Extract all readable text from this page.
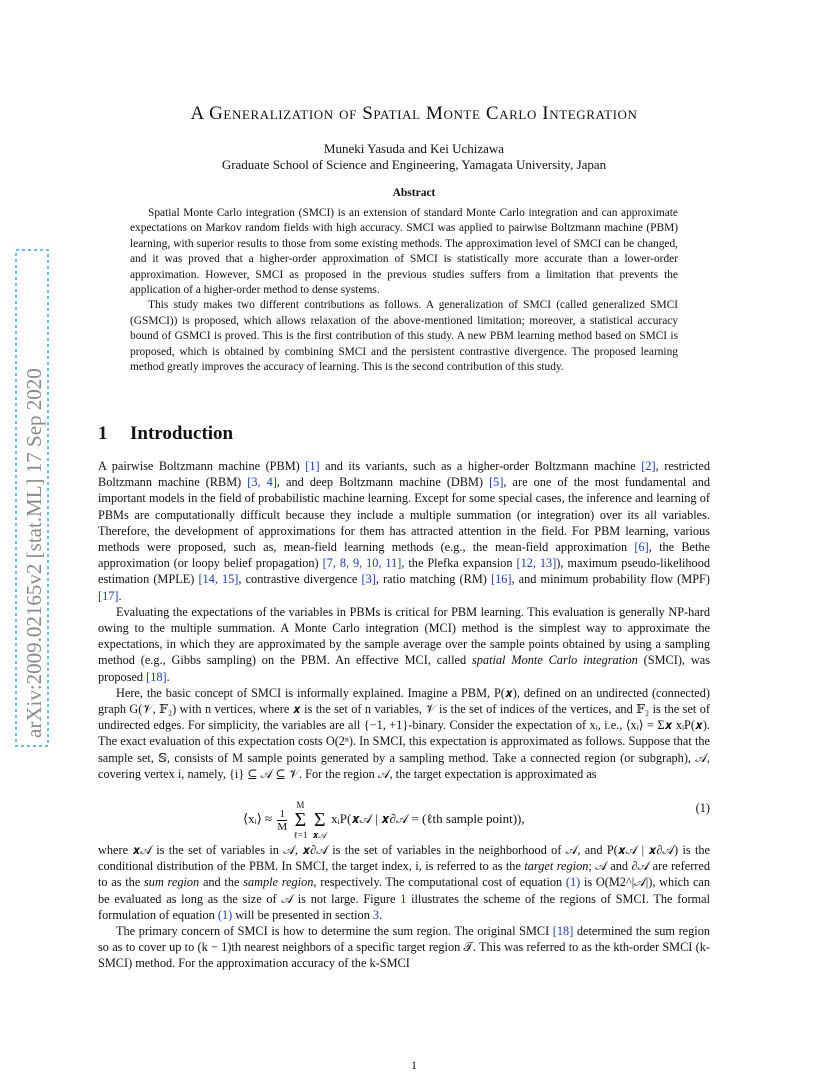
arXiv:2009.02165v2 [stat.ML] 17 Sep 2020
A Generalization of Spatial Monte Carlo Integration
Muneki Yasuda and Kei Uchizawa
Graduate School of Science and Engineering, Yamagata University, Japan
Abstract

Spatial Monte Carlo integration (SMCI) is an extension of standard Monte Carlo integration and can approximate expectations on Markov random fields with high accuracy. SMCI was applied to pairwise Boltzmann machine (PBM) learning, with superior results to those from some existing methods. The approximation level of SMCI can be changed, and it was proved that a higher-order approximation of SMCI is statistically more accurate than a lower-order approximation. However, SMCI as proposed in the previous studies suffers from a limitation that prevents the application of a higher-order method to dense systems.

This study makes two different contributions as follows. A generalization of SMCI (called generalized SMCI (GSMCI)) is proposed, which allows relaxation of the above-mentioned limitation; moreover, a statistical accuracy bound of GSMCI is proved. This is the first contribution of this study. A new PBM learning method based on SMCI is proposed, which is obtained by combining SMCI and the persistent contrastive divergence. The proposed learning method greatly improves the accuracy of learning. This is the second contribution of this study.

1 Introduction

A pairwise Boltzmann machine (PBM) [1] and its variants, such as a higher-order Boltzmann machine [2], restricted Boltzmann machine (RBM) [3, 4], and deep Boltzmann machine (DBM) [5], are one of the most fundamental and important models in the field of probabilistic machine learning. Except for some special cases, the inference and learning of PBMs are computationally difficult because they include a multiple summation (or integration) over its all variables. Therefore, the development of approximations for them has attracted attention in the field. For PBM learning, various methods were proposed, such as, mean-field learning methods (e.g., the mean-field approximation [6], the Bethe approximation (or loopy belief propagation) [7, 8, 9, 10, 11], the Plefka expansion [12, 13]), maximum pseudo-likelihood estimation (MPLE) [14, 15], contrastive divergence [3], ratio matching (RM) [16], and minimum probability flow (MPF) [17].

Evaluating the expectations of the variables in PBMs is critical for PBM learning. This evaluation is generally NP-hard owing to the multiple summation. A Monte Carlo integration (MCI) method is the simplest way to approximate the expectations, in which they are approximated by the sample average over the sample points obtained by using a sampling method (e.g., Gibbs sampling) on the PBM. An effective MCI, called spatial Monte Carlo integration (SMCI), was proposed [18].

Here, the basic concept of SMCI is informally explained. Imagine a PBM, P(𝒙), defined on an undirected (connected) graph G(𝒱, 𝔽₂) with n vertices, where 𝒙 is the set of n variables, 𝒱 is the set of indices of the vertices, and 𝔽₂ is the set of undirected edges. For simplicity, the variables are all {−1, +1}-binary. Consider the expectation of xᵢ, i.e., ⟨xᵢ⟩ = Σ𝒙 xᵢP(𝒙). The exact evaluation of this expectation costs O(2ⁿ). In SMCI, this expectation is approximated as follows. Suppose that the sample set, 𝕊, consists of M sample points generated by a sampling method. Take a connected region (or subgraph), 𝒜, covering vertex i, namely, {i} ⊆ 𝒜 ⊆ 𝒱. For the region 𝒜, the target expectation is approximated as

⟨xᵢ⟩ ≈ $\frac{1}{M}$
M
Σ
ℓ=1
Σ
𝒙𝒜 xᵢP(𝒙𝒜 | 𝒙∂𝒜 = (ℓth sample point)),
(1)

where 𝒙𝒜 is the set of variables in 𝒜, 𝒙∂𝒜 is the set of variables in the neighborhood of 𝒜, and P(𝒙𝒜 | 𝒙∂𝒜) is the conditional distribution of the PBM. In SMCI, the target index, i, is referred to as the target region; 𝒜 and ∂𝒜 are referred to as the sum region and the sample region, respectively. The computational cost of equation (1) is O(M2^|𝒜|), which can be evaluated as long as the size of 𝒜 is not large. Figure 1 illustrates the scheme of the regions of SMCI. The formal formulation of equation (1) will be presented in section 3.

The primary concern of SMCI is how to determine the sum region. The original SMCI [18] determined the sum region so as to cover up to (k − 1)th nearest neighbors of a specific target region 𝒯. This was referred to as the kth-order SMCI (k-SMCI) method. For the approximation accuracy of the k-SMCI

1
